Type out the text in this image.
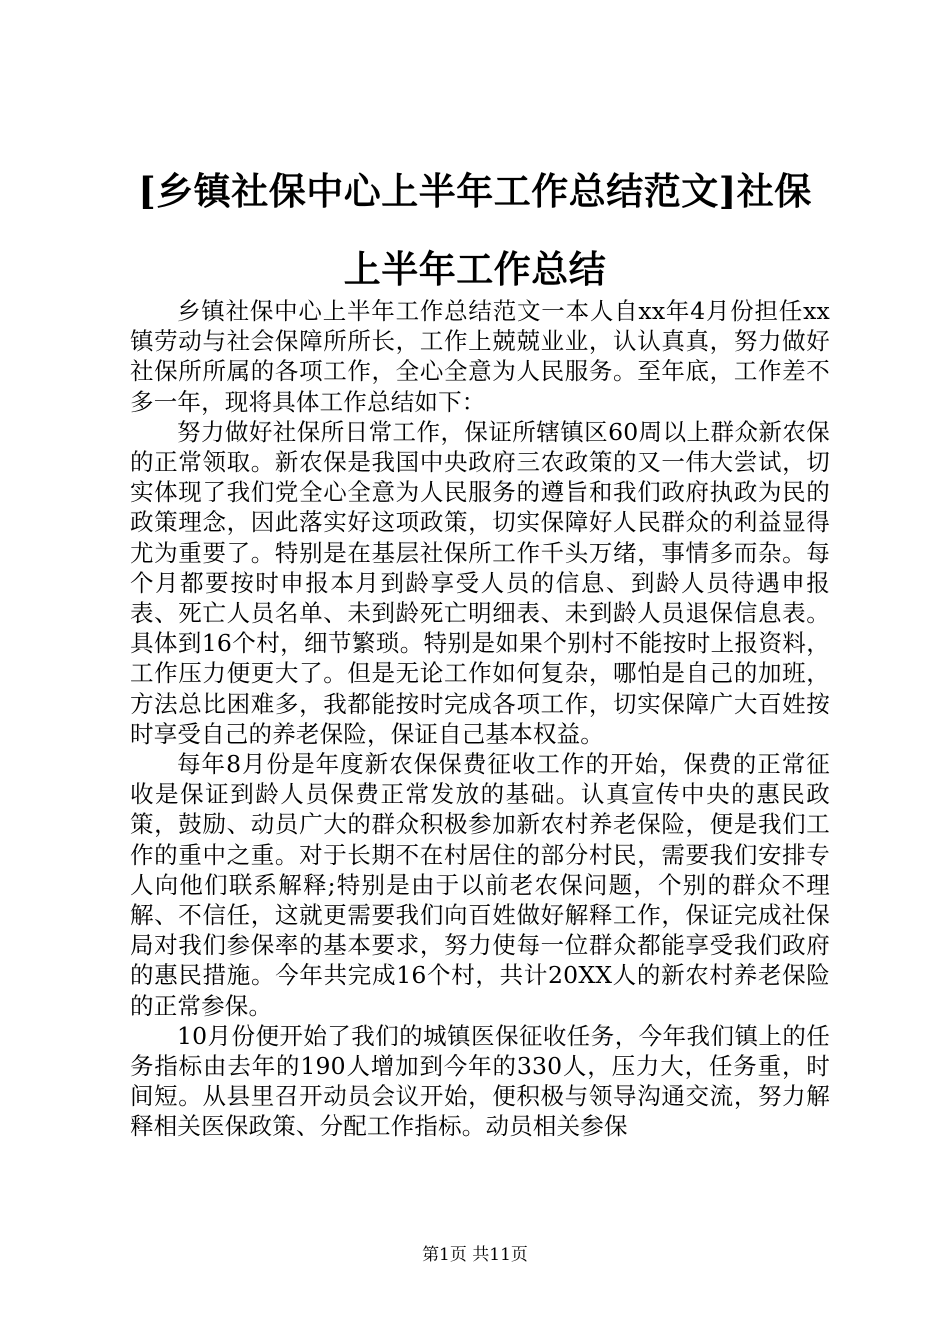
[乡镇社保中心上半年工作总结范文]社保上半年工作总结

乡镇社保中心上半年工作总结范文一本人自xx年4月份担任xx镇劳动与社会保障所所长，工作上兢兢业业，认认真真，努力做好社保所所属的各项工作，全心全意为人民服务。至年底，工作差不多一年，现将具体工作总结如下：

努力做好社保所日常工作，保证所辖镇区60周以上群众新农保的正常领取。新农保是我国中央政府三农政策的又一伟大尝试，切实体现了我们党全心全意为人民服务的遵旨和我们政府执政为民的政策理念，因此落实好这项政策，切实保障好人民群众的利益显得尤为重要了。特别是在基层社保所工作千头万绪，事情多而杂。每个月都要按时申报本月到龄享受人员的信息、到龄人员待遇申报表、死亡人员名单、未到龄死亡明细表、未到龄人员退保信息表。具体到16个村，细节繁琐。特别是如果个别村不能按时上报资料，工作压力便更大了。但是无论工作如何复杂，哪怕是自己的加班，方法总比困难多，我都能按时完成各项工作，切实保障广大百姓按时享受自己的养老保险，保证自己基本权益。

每年8月份是年度新农保保费征收工作的开始，保费的正常征收是保证到龄人员保费正常发放的基础。认真宣传中央的惠民政策，鼓励、动员广大的群众积极参加新农村养老保险，便是我们工作的重中之重。对于长期不在村居住的部分村民，需要我们安排专人向他们联系解释;特别是由于以前老农保问题，个别的群众不理解、不信任，这就更需要我们向百姓做好解释工作，保证完成社保局对我们参保率的基本要求，努力使每一位群众都能享受我们政府的惠民措施。今年共完成16个村，共计20XX人的新农村养老保险的正常参保。

10月份便开始了我们的城镇医保征收任务，今年我们镇上的任务指标由去年的190人增加到今年的330人，压力大，任务重，时间短。从县里召开动员会议开始，便积极与领导沟通交流，努力解释相关医保政策、分配工作指标。动员相关参保

第1页 共11页
